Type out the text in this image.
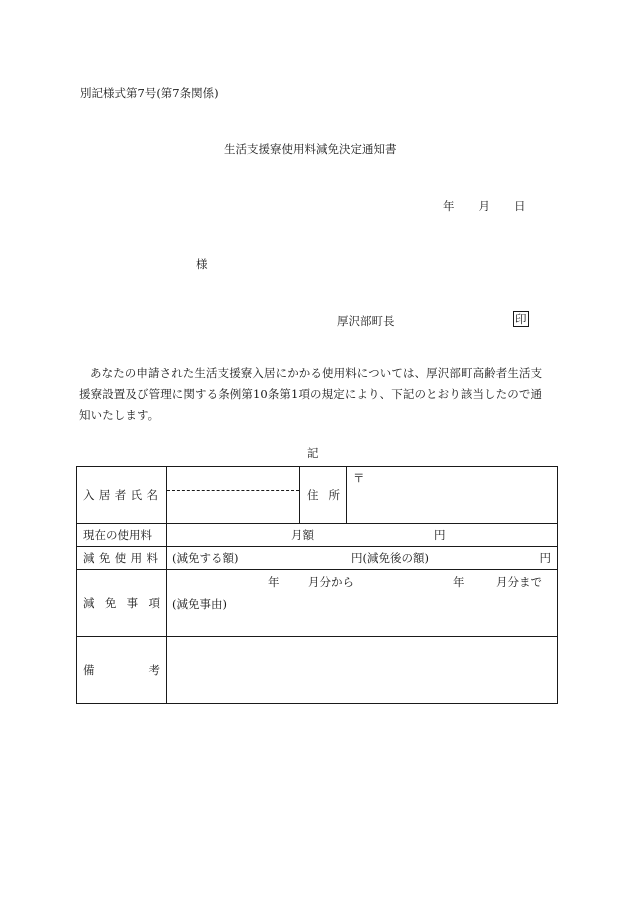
別記様式第7号(第7条関係)
生活支援寮使用料減免決定通知書
年 月 日
様
厚沢部町長	印
あなたの申請された生活支援寮入居にかかる使用料については、厚沢部町高齢者生活支援寮設置及び管理に関する条例第10条第1項の規定により、下記のとおり該当したので通知いたします。
記
入 居 者 氏 名		住 所	〒

現在の使用料	月額 円		

減 免 使 用 料	(減免する額) 円(減免後の額) 円		

減 免 事 項	年 月分から 年 月分まで
(減免事由)		

備 考			
